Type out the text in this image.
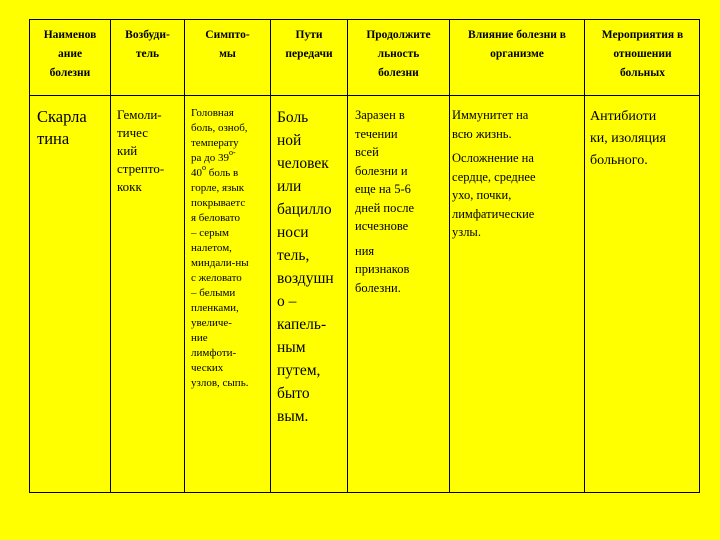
Наименов
ание
болезни
Возбуди-
тель
Симпто-
мы
Пути
передачи
Продолжите
льность
болезни
Влияние болезни в
организме
Мероприятия в
отношении
больных
Скарла
тина
Гемоли-
тичес
кий
стрепто-
кокк
Головная
боль, озноб,
температу
ра до $39^{о-}$
$40^о$ боль в
горле, язык
покрываетс
я беловато
– серым
налетом,
миндали-ны
с желовато
– белыми
пленками,
увеличе-
ние
лимфоти-
ческих
узлов, сыпь.
Боль
ной
человек
или
бацилло
носи
тель,
воздушн
о –
капель-
ным
путем,
быто
вым.
Заразен в
течении
всей
болезни и
еще на 5-6
дней после
исчезнове
ния
признаков
болезни.
Иммунитет на
всю жизнь.
Осложнение на
сердце, среднее
ухо, почки,
лимфатические
узлы.
Антибиоти
ки, изоляция
больного.
